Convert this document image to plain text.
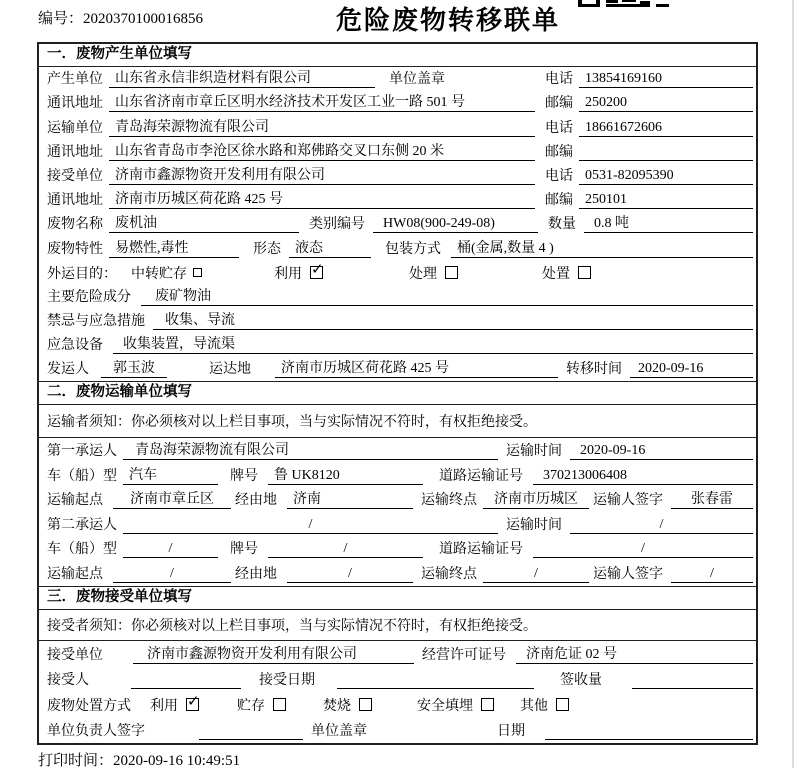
编号：2020370100016856	危险废物转移联单
一．废物产生单位填写
产生单位 山东省永信非织造材料有限公司	单位盖章	电话 13854169160
通讯地址 山东省济南市章丘区明水经济技术开发区工业一路 501 号	邮编 250200
运输单位 青岛海荣源物流有限公司	电话 18661672606
通讯地址 山东省青岛市李沧区徐水路和郑佛路交叉口东侧 20 米	邮编
接受单位 济南市鑫源物资开发利用有限公司	电话 0531-82095390
通讯地址 济南市历城区荷花路 425 号	邮编 250101
废物名称 废机油	类别编号	HW08(900-249-08)	数量	0.8 吨
废物特性 易燃性,毒性	形态	液态	包装方式	桶(金属,数量 4 )
外运目的： 中转贮存	利用 ✓	处理	处置
主要危险成分	废矿物油
禁忌与应急措施	收集、导流
应急设备	收集装置，导流渠
发运人	郭玉波	运达地	济南市历城区荷花路 425 号	转移时间	2020-09-16
二．废物运输单位填写
运输者须知：你必须核对以上栏目事项，当与实际情况不符时，有权拒绝接受。
第一承运人	青岛海荣源物流有限公司	运输时间	2020-09-16
车（船）型 汽车	牌号	鲁 UK8120	道路运输证号	370213006408
运输起点	济南市章丘区	经由地	济南	运输终点	济南市历城区	运输人签字	张春雷
第二承运人	/	运输时间	/
车（船）型	/	牌号	/	道路运输证号	/
运输起点	/	经由地	/	运输终点	/	运输人签字	/
三．废物接受单位填写
接受者须知：你必须核对以上栏目事项，当与实际情况不符时，有权拒绝接受。
接受单位	济南市鑫源物资开发利用有限公司	经营许可证号	济南危证 02 号
接受人	接受日期	签收量
废物处置方式 利用 ✓	贮存	焚烧	安全填埋	其他
单位负责人签字	单位盖章	日期
打印时间：2020-09-16 10:49:51
